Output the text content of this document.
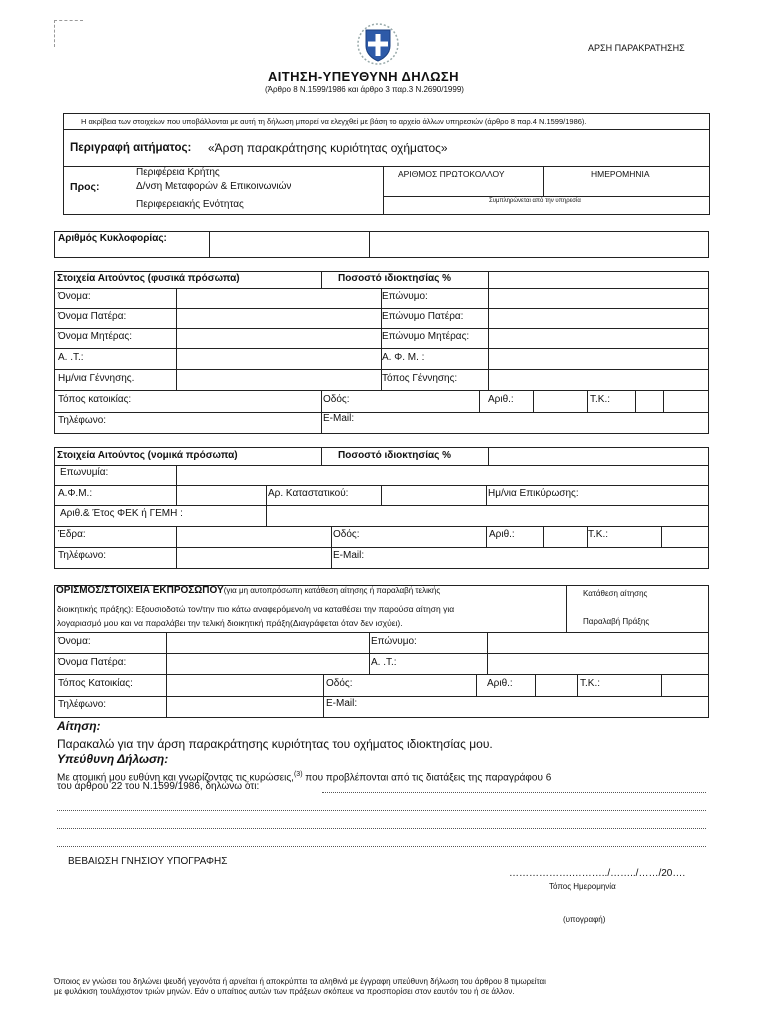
ΑΡΣΗ ΠΑΡΑΚΡΑΤΗΣΗΣ
ΑΙΤΗΣΗ-ΥΠΕΥΘΥΝΗ ΔΗΛΩΣΗ
(Άρθρο 8 Ν.1599/1986 και άρθρο 3 παρ.3 Ν.2690/1999)
Η ακρίβεια των στοιχείων που υποβάλλονται με αυτή τη δήλωση μπορεί να ελεγχθεί με βάση το αρχείο άλλων υπηρεσιών (άρθρο 8 παρ.4 Ν.1599/1986).
Περιγραφή αιτήματος: «Άρση παρακράτησης κυριότητας οχήματος»
Προς:
Περιφέρεια Κρήτης
Δ/νση Μεταφορών & Επικοινωνιών
Περιφερειακής Ενότητας
ΑΡΙΘΜΟΣ ΠΡΩΤΟΚΟΛΛΟΥ	ΗΜΕΡΟΜΗΝΙΑ
Συμπληρώνεται από την υπηρεσία
Αριθμός Κυκλοφορίας:
Στοιχεία Αιτούντος (φυσικά πρόσωπα)	Ποσοστό ιδιοκτησίας %
Όνομα:	Επώνυμο:
Όνομα Πατέρα:	Επώνυμο Πατέρα:
Όνομα Μητέρας:	Επώνυμο Μητέρας:
Α. .Τ.:	Α. Φ. Μ. :
Ημ/νια Γέννησης.	Τόπος Γέννησης:
Τόπος κατοικίας:	Οδός:	Αριθ.:	Τ.Κ.:
Τηλέφωνο:	E-Mail:
Στοιχεία Αιτούντος (νομικά πρόσωπα)	Ποσοστό ιδιοκτησίας %
Επωνυμία:
Α.Φ.Μ.:	Αρ. Καταστατικού:	Ημ/νια Επικύρωσης:
Αριθ.& Έτος ΦΕΚ ή ΓΕΜΗ :
Έδρα:	Οδός:	Αριθ.:	Τ.Κ.:
Τηλέφωνο:	E-Mail:
ΟΡΙΣΜΟΣ/ΣΤΟΙΧΕΙΑ ΕΚΠΡΟΣΩΠΟΥ(για μη αυτοπρόσωπη κατάθεση αίτησης ή παραλαβή τελικής
διοικητικής πράξης): Εξουσιοδοτώ τον/την πιο κάτω αναφερόμενο/η να καταθέσει την παρούσα αίτηση για
λογαριασμό μου και να παραλάβει την τελική διοικητική πράξη(Διαγράφεται όταν δεν ισχύει).
Κατάθεση αίτησης
Παραλαβή Πράξης
Όνομα:	Επώνυμο:
Όνομα Πατέρα:	Α. .Τ.:
Τόπος Κατοικίας:	Οδός:	Αριθ.:	Τ.Κ.:
Τηλέφωνο:	E-Mail:
Αίτηση:
Παρακαλώ για την άρση παρακράτησης κυριότητας του οχήματος ιδιοκτησίας μου.
Υπεύθυνη Δήλωση:
Με ατομική μου ευθύνη και γνωρίζοντας τις κυρώσεις,$^{(3)}$ που προβλέπονται από τις διατάξεις της παραγράφου 6
του άρθρου 22 του Ν.1599/1986, δηλώνω ότι:
ΒΕΒΑΙΩΣΗ ΓΝΗΣΙΟΥ ΥΠΟΓΡΑΦΗΣ
……………….………../……../……/20….
Τόπος Ημερομηνία
(υπογραφή)
Όποιος εν γνώσει του δηλώνει ψευδή γεγονότα ή αρνείται ή αποκρύπτει τα αληθινά με έγγραφη υπεύθυνη δήλωση του άρθρου 8 τιμωρείται
με φυλάκιση τουλάχιστον τριών μηνών. Εάν ο υπαίτιος αυτών των πράξεων σκόπευε να προσπορίσει στον εαυτόν του ή σε άλλον.
